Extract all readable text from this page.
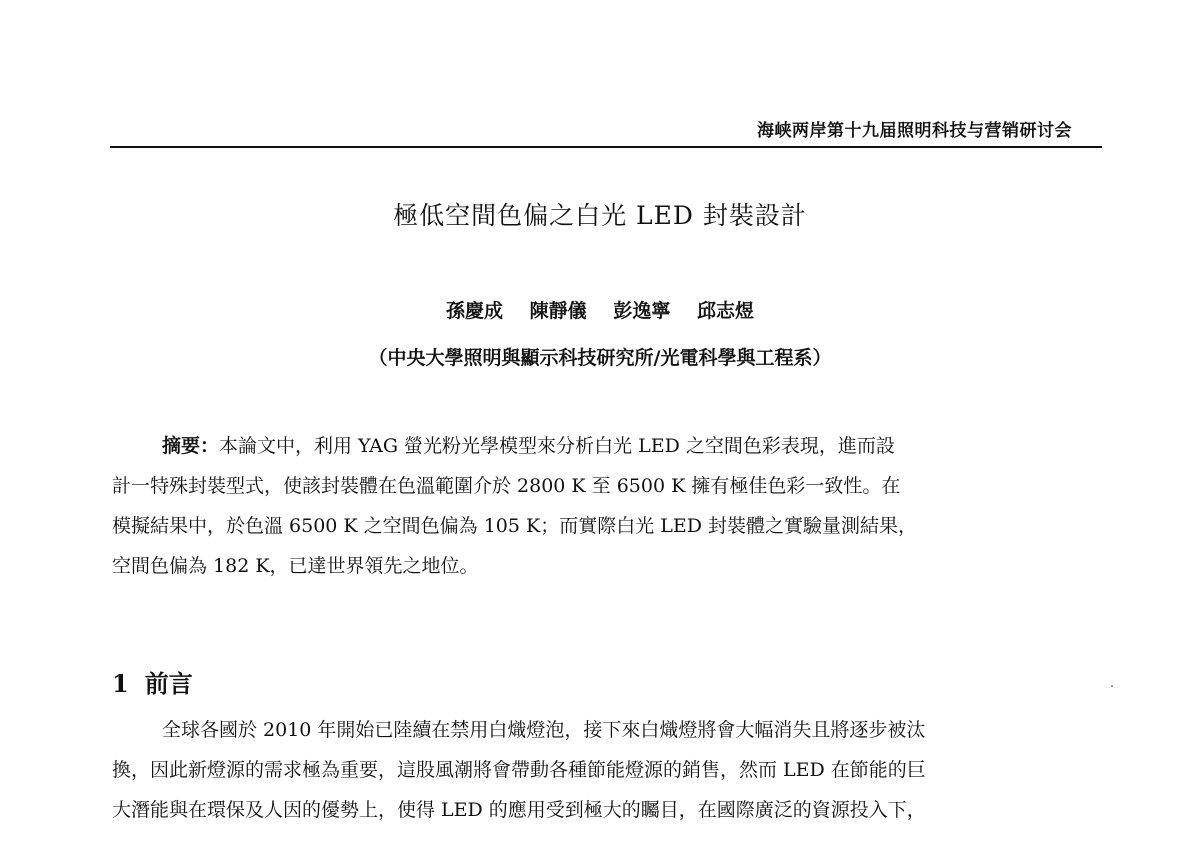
海峡两岸第十九届照明科技与营销研讨会
極低空間色偏之白光 LED 封裝設計
孫慶成 陳靜儀 彭逸寧 邱志煜
（中央大學照明與顯示科技研究所/光電科學與工程系）
摘要：本論文中，利用 YAG 螢光粉光學模型來分析白光 LED 之空間色彩表現，進而設
計一特殊封裝型式，使該封裝體在色溫範圍介於 2800 K 至 6500 K 擁有極佳色彩一致性。在
模擬結果中，於色溫 6500 K 之空間色偏為 105 K；而實際白光 LED 封裝體之實驗量測結果，
空間色偏為 182 K，已達世界領先之地位。
1 前言
全球各國於 2010 年開始已陸續在禁用白熾燈泡，接下來白熾燈將會大幅消失且將逐步被汰
換，因此新燈源的需求極為重要，這股風潮將會帶動各種節能燈源的銷售，然而 LED 在節能的巨
大潛能與在環保及人因的優勢上，使得 LED 的應用受到極大的矚目，在國際廣泛的資源投入下，
